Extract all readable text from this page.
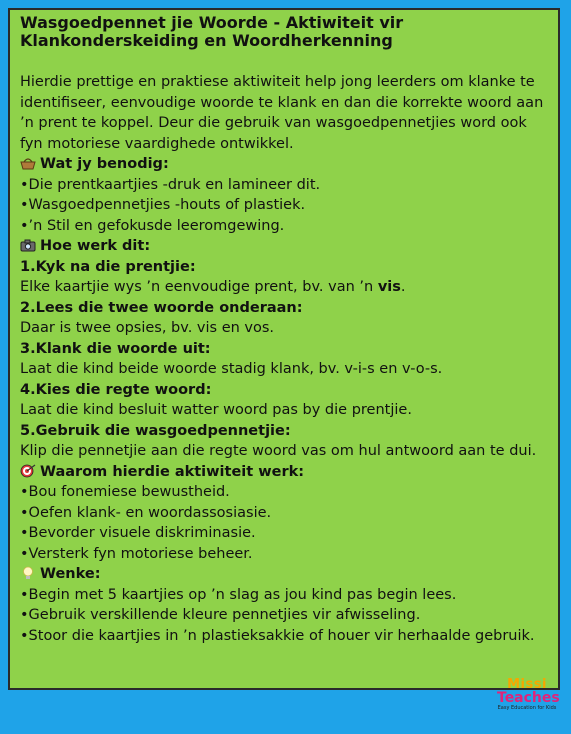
Wasgoedpennet jie Woorde - Aktiwiteit vir Klankonderskeiding en Woordherkenning

Hierdie prettige en praktiese aktiwiteit help jong leerders om klanke te identifiseer, eenvoudige woorde te klank en dan die korrekte woord aan ’n prent te koppel. Deur die gebruik van wasgoedpennetjies word ook fyn motoriese vaardighede ontwikkel.

Wat jy benodig:
•Die prentkaartjies -druk en lamineer dit.
•Wasgoedpennetjies -houts of plastiek.
•’n Stil en gefokusde leeromgewing.
Hoe werk dit:
1.Kyk na die prentjie:
Elke kaartjie wys ’n eenvoudige prent, bv. van ’n vis.
2.Lees die twee woorde onderaan:
Daar is twee opsies, bv. vis en vos.
3.Klank die woorde uit:
Laat die kind beide woorde stadig klank, bv. v-i-s en v-o-s.
4.Kies die regte woord:
Laat die kind besluit watter woord pas by die prentjie.
5.Gebruik die wasgoedpennetjie:
Klip die pennetjie aan die regte woord vas om hul antwoord aan te dui.
Waarom hierdie aktiwiteit werk:
•Bou fonemiese bewustheid.
•Oefen klank- en woordassosiasie.
•Bevorder visuele diskriminasie.
•Versterk fyn motoriese beheer.
Wenke:
•Begin met 5 kaartjies op ’n slag as jou kind pas begin lees.
•Gebruik verskillende kleure pennetjies vir afwisseling.
•Stoor die kaartjies in ’n plastieksakkie of houer vir herhaalde gebruik.
Missi
Teaches
Easy Education for Kids
